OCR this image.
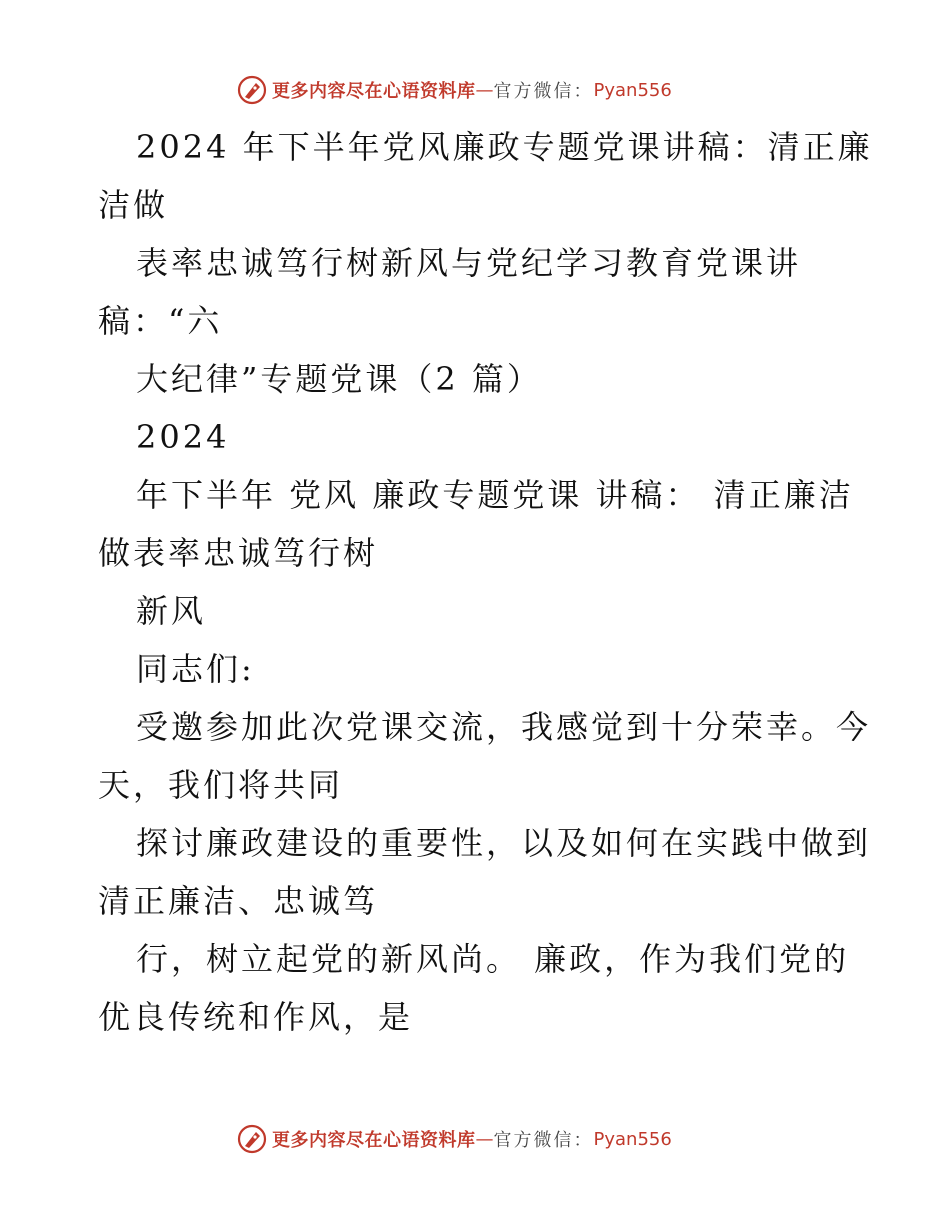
更多内容尽在心语资料库 — 官方微信： Pyan556
2024 年下半年党风廉政专题党课讲稿：清正廉
洁做
表率忠诚笃行树新风与党纪学习教育党课讲
稿：“六
大纪律”专题党课（2 篇）
2024
年下半年 党风 廉政专题党课 讲稿： 清正廉洁
做表率忠诚笃行树
新风
同志们:
受邀参加此次党课交流，我感觉到十分荣幸。今
天，我们将共同
探讨廉政建设的重要性，以及如何在实践中做到
清正廉洁、忠诚笃
行，树立起党的新风尚。 廉政，作为我们党的
优良传统和作风，是
更多内容尽在心语资料库 — 官方微信： Pyan556
